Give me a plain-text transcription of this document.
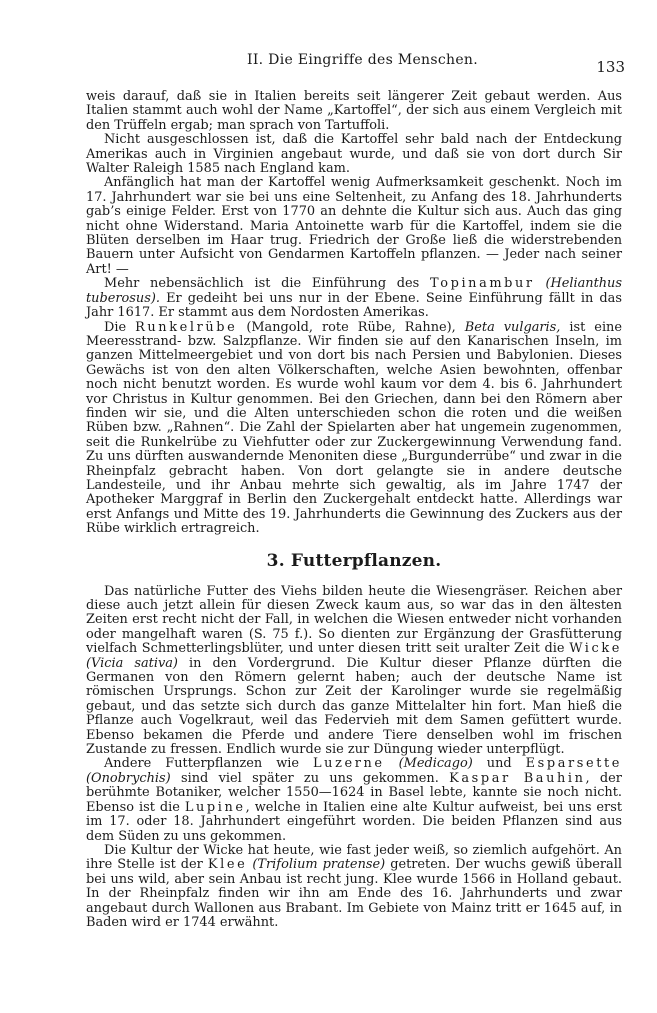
II. Die Eingriffe des Menschen.	133

weis darauf, daß sie in Italien bereits seit längerer Zeit gebaut werden. Aus Italien stammt auch wohl der Name „Kartoffel“, der sich aus einem Vergleich mit den Trüffeln ergab; man sprach von Tartuffoli.

Nicht ausgeschlossen ist, daß die Kartoffel sehr bald nach der Entdeckung Amerikas auch in Virginien angebaut wurde, und daß sie von dort durch Sir Walter Raleigh 1585 nach England kam.

Anfänglich hat man der Kartoffel wenig Aufmerksamkeit geschenkt. Noch im 17. Jahrhundert war sie bei uns eine Seltenheit, zu Anfang des 18. Jahrhunderts gab’s einige Felder. Erst von 1770 an dehnte die Kultur sich aus. Auch das ging nicht ohne Widerstand. Maria Antoinette warb für die Kartoffel, indem sie die Blüten derselben im Haar trug. Friedrich der Große ließ die widerstrebenden Bauern unter Aufsicht von Gendarmen Kartoffeln pflanzen. — Jeder nach seiner Art! —

Mehr nebensächlich ist die Einführung des Topinambur (Helianthus tuberosus). Er gedeiht bei uns nur in der Ebene. Seine Einführung fällt in das Jahr 1617. Er stammt aus dem Nordosten Amerikas.

Die Runkelrübe (Mangold, rote Rübe, Rahne), Beta vulgaris, ist eine Meeresstrand- bzw. Salzpflanze. Wir finden sie auf den Kanarischen Inseln, im ganzen Mittelmeergebiet und von dort bis nach Persien und Babylonien. Dieses Gewächs ist von den alten Völkerschaften, welche Asien bewohnten, offenbar noch nicht benutzt worden. Es wurde wohl kaum vor dem 4. bis 6. Jahrhundert vor Christus in Kultur genommen. Bei den Griechen, dann bei den Römern aber finden wir sie, und die Alten unterschieden schon die roten und die weißen Rüben bzw. „Rahnen“. Die Zahl der Spielarten aber hat ungemein zugenommen, seit die Runkelrübe zu Viehfutter oder zur Zuckergewinnung Verwendung fand. Zu uns dürften auswandernde Menoniten diese „Burgunderrübe“ und zwar in die Rheinpfalz gebracht haben. Von dort gelangte sie in andere deutsche Landesteile, und ihr Anbau mehrte sich gewaltig, als im Jahre 1747 der Apotheker Marggraf in Berlin den Zuckergehalt entdeckt hatte. Allerdings war erst Anfangs und Mitte des 19. Jahrhunderts die Gewinnung des Zuckers aus der Rübe wirklich ertragreich.

3. Futterpflanzen.

Das natürliche Futter des Viehs bilden heute die Wiesengräser. Reichen aber diese auch jetzt allein für diesen Zweck kaum aus, so war das in den ältesten Zeiten erst recht nicht der Fall, in welchen die Wiesen entweder nicht vorhanden oder mangelhaft waren (S. 75 f.). So dienten zur Ergänzung der Grasfütterung vielfach Schmetterlingsblüter, und unter diesen tritt seit uralter Zeit die Wicke (Vicia sativa) in den Vordergrund. Die Kultur dieser Pflanze dürften die Germanen von den Römern gelernt haben; auch der deutsche Name ist römischen Ursprungs. Schon zur Zeit der Karolinger wurde sie regelmäßig gebaut, und das setzte sich durch das ganze Mittelalter hin fort. Man hieß die Pflanze auch Vogelkraut, weil das Federvieh mit dem Samen gefüttert wurde. Ebenso bekamen die Pferde und andere Tiere denselben wohl im frischen Zustande zu fressen. Endlich wurde sie zur Düngung wieder unterpflügt.

Andere Futterpflanzen wie Luzerne (Medicago) und Esparsette (Onobrychis) sind viel später zu uns gekommen. Kaspar Bauhin, der berühmte Botaniker, welcher 1550—1624 in Basel lebte, kannte sie noch nicht. Ebenso ist die Lupine, welche in Italien eine alte Kultur aufweist, bei uns erst im 17. oder 18. Jahrhundert eingeführt worden. Die beiden Pflanzen sind aus dem Süden zu uns gekommen.

Die Kultur der Wicke hat heute, wie fast jeder weiß, so ziemlich aufgehört. An ihre Stelle ist der Klee (Trifolium pratense) getreten. Der wuchs gewiß überall bei uns wild, aber sein Anbau ist recht jung. Klee wurde 1566 in Holland gebaut. In der Rheinpfalz finden wir ihn am Ende des 16. Jahrhunderts und zwar angebaut durch Wallonen aus Brabant. Im Gebiete von Mainz tritt er 1645 auf, in Baden wird er 1744 erwähnt.
